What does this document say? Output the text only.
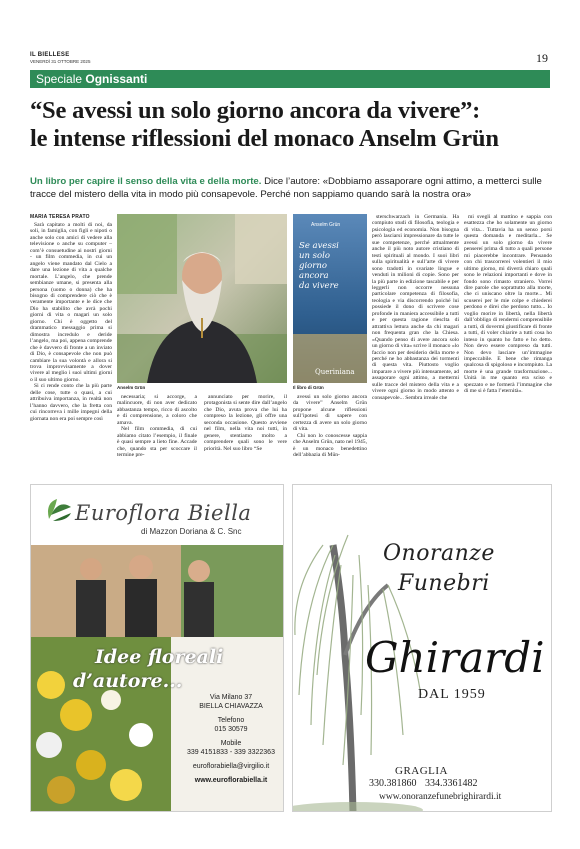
IL BIELLESE
VENERDÌ 31 OTTOBRE 2025	19
Speciale Ognissanti
“Se avessi un solo giorno ancora da vivere”:
le intense riflessioni del monaco Anselm Grün
Un libro per capire il senso della vita e della morte. Dice l’autore: «Dobbiamo assaporare ogni attimo, a metterci sulle tracce del mistero della vita in modo più consapevole. Perché non sappiamo quando sarà la nostra ora»
MARIA TERESA PRATO

Sarà capitato a molti di noi, da soli, in famiglia, con figli e nipoti o anche solo con amici di vedere alla televisione o anche su computer – com’è consuetudine ai nostri giorni - un film commedia, in cui un angelo viene mandato dal Cielo a dare una lezione di vita a qualche mortale. L’angelo, che prende sembianze umane, si presenta alla persona (uomo o donna) che ha bisogno di comprendere ciò che è veramente importante e le dice che Dio ha stabilito che avrà pochi giorni di vita o magari un solo giorno. Chi è oggetto del drammatico messaggio prima si dimostra incredulo e deride l’angelo, ma poi, appena comprende che è davvero di fronte a un inviato di Dio, è consapevole che non può cambiare la sua volontà e allora si trova improvvisamente a dover vivere al meglio i suoi ultimi giorni o il suo ultimo giorno.

Si ci rende conto che la più parte delle cose, tutte o quasi, a cui attribuiva importanza, in realtà non l’hanno davvero, che la fretta con cui rincorreva i mille impegni della giornata non era poi sempre così

Anselm Grün

necessaria; si accorge, a malincuore, di non aver dedicato abbastanza tempo, ricco di ascolto e di comprensione, a coloro che amava.

Nel film commedia, di cui abbiamo citato l’esempio, il finale è quasi sempre a lieto fine. Accade che, quando sta per scoccare il termine pre-

annunciato per morire, il protagonista si sente dire dall’angelo che Dio, avuta prova che lui ha compreso la lezione, gli offre una seconda occasione. Questo avviene nel film, nella vita noi tutti, in genere, stentiamo molto a comprendere quali sono le vere priorità. Nel suo libro “Se

Anselm Grün
Se avessi
un solo
giorno
ancora
da vivere
Queriniana
Il libro di Grün

avessi un solo giorno ancora da vivere” Anselm Grün propone alcune riflessioni sull’ipotesi di sapere con certezza di avere un solo giorno di vita.

Chi non lo conoscesse sappia che Anselm Grün, nato nel 1945, è un monaco benedettino dell’abbazia di Mün-

sterschwarzach in Germania. Ha compiuto studi di filosofia, teologia e psicologia ed economia. Non bisogna però lasciarsi impressionare da tutte le sue competenze, perché attualmente anche il più noto autore cristiano di testi spirituali al mondo. I suoi libri sulla spiritualità e sull’arte di vivere sono tradotti in svariate lingue e venduti in milioni di copie. Sono per la più parte in edizione tascabile e per leggerli non occorre nessuna particolare competenza di filosofia, teologia e via discorrendo poiché lui possiede il dono di scrivere cose profonde in maniera accessibile a tutti e per questa ragione riesclta di attrattiva lettura anche da chi magari non frequenta gran che la Chiesa. «Quando penso di avere ancora solo un giorno di vita» scrive il monaco «lo faccio non per desiderio della morte e perché ne ho abbastanza dei tormenti di questa vita. Piuttosto voglio imparare a vivere più intensamente, ad assaporare ogni attimo, a mettermi sulle tracce del mistero della vita e a vivere ogni giorno in modo attento e consapevole... Sembra irreale che

mi svegli al mattino e sappia con esattezza che ho solamente un giorno di vita... Tuttavia ha un senso porsi questa domanda e meditarla... Se avessi un solo giorno da vivere pensereí prima di tutto a quali persone mi piacerebbe incontrare. Pensando con chi trascorrerei volentieri il mio ultimo giorno, mi diverrà chiaro quali sono le relazioni importanti e dove in fondo sono rimasto straniero. Vorrei dire parole che soprattutto alla morte, che ci uniscano oltre la morte... Mi scuserei per le mie colpe e chiederei perdono e direi che perdono tutto... Io voglio morire in libertà, nella libertà dall’obbligo di rendermi comprensibile a tutti, di dovermi giustificare di fronte a tutti, di voler chiarire a tutti cosa ho inteso in quanto ho fatto e ho detto. Non devo essere compreso da tutti. Non devo lasciare un’immagine impeccabile. E bene che rimanga qualcosa di spigoloso e incompiuto. La morte è una grande trasformazione... Unità in me quanto era sciso e spezzato e ne formerà l’immagine che di me si è fatta l’eternità».

Euroflora Biella
di Mazzon Doriana & C. Snc
Idee floreali
d’autore...
Via Milano 37
BIELLA CHIAVAZZA
Telefono
015 30579
Mobile
339 4151833 - 339 3322363
euroflorabiella@virgilio.it
www.euroflorabiella.it
Onoranze
Funebri
Ghirardi
DAL 1959
GRAGLIA
330.381860 334.3361482
www.onoranzefunebrighirardi.it
